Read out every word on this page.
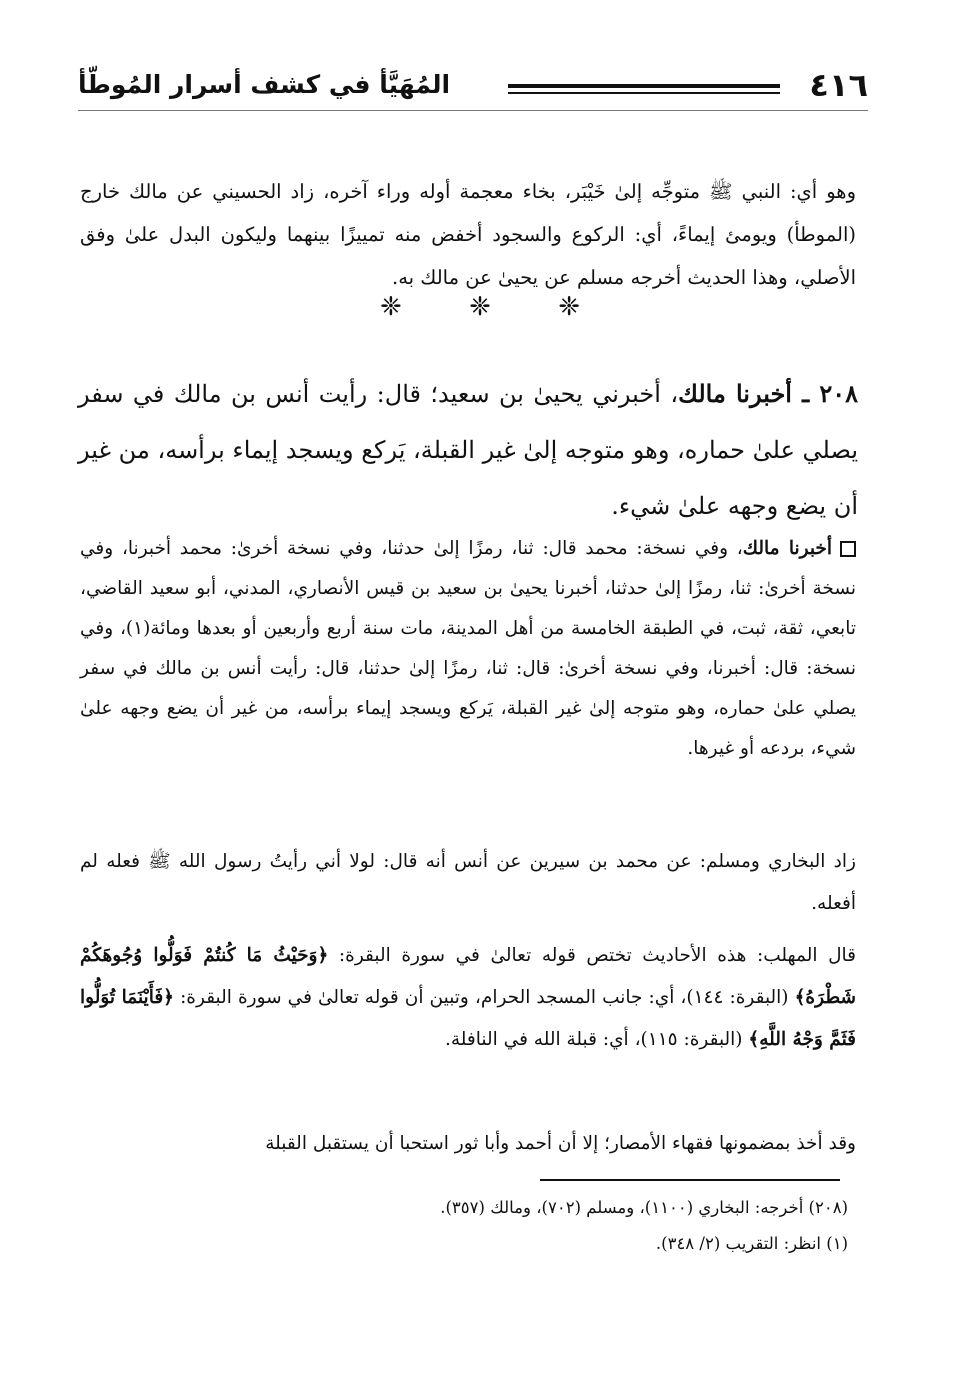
٤١٦
المُهَيَّأ في كشف أسرار المُوطّأ

وهو أي: النبي ﷺ متوجِّه إلىٰ خَيْبَر، بخاء معجمة أوله وراء آخره، زاد الحسيني عن مالك خارج (الموطأ) ويومئ إيماءً، أي: الركوع والسجود أخفض منه تمييزًا بينهما وليكون البدل علىٰ وفق الأصلي، وهذا الحديث أخرجه مسلم عن يحيىٰ عن مالك به.

❈
❈
❈

٢٠٨ ـ أخبرنا مالك، أخبرني يحيىٰ بن سعيد؛ قال: رأيت أنس بن مالك في سفر يصلي علىٰ حماره، وهو متوجه إلىٰ غير القبلة، يَركع ويسجد إيماء برأسه، من غير أن يضع وجهه علىٰ شيء.

أخبرنا مالك، وفي نسخة: محمد قال: ثنا، رمزًا إلىٰ حدثنا، وفي نسخة أخرىٰ: محمد أخبرنا، وفي نسخة أخرىٰ: ثنا، رمزًا إلىٰ حدثنا، أخبرنا يحيىٰ بن سعيد بن قيس الأنصاري، المدني، أبو سعيد القاضي، تابعي، ثقة، ثبت، في الطبقة الخامسة من أهل المدينة، مات سنة أربع وأربعين أو بعدها ومائة(١)، وفي نسخة: قال: أخبرنا، وفي نسخة أخرىٰ: قال: ثنا، رمزًا إلىٰ حدثنا، قال: رأيت أنس بن مالك في سفر يصلي علىٰ حماره، وهو متوجه إلىٰ غير القبلة، يَركع ويسجد إيماء برأسه، من غير أن يضع وجهه علىٰ شيء، بردعه أو غيرها.

زاد البخاري ومسلم: عن محمد بن سيرين عن أنس أنه قال: لولا أني رأيتُ رسول الله ﷺ فعله لم أفعله.

قال المهلب: هذه الأحاديث تختص قوله تعالىٰ في سورة البقرة: ﴿وَحَيْثُ مَا كُنتُمْ فَوَلُّوا وُجُوهَكُمْ شَطْرَهُ﴾ (البقرة: ١٤٤)، أي: جانب المسجد الحرام، وتبين أن قوله تعالىٰ في سورة البقرة: ﴿فَأَيْنَمَا تُوَلُّوا فَثَمَّ وَجْهُ اللَّهِ﴾ (البقرة: ١١٥)، أي: قبلة الله في النافلة.

وقد أخذ بمضمونها فقهاء الأمصار؛ إلا أن أحمد وأبا ثور استحبا أن يستقبل القبلة

(٢٠٨) أخرجه: البخاري (١١٠٠)، ومسلم (٧٠٢)، ومالك (٣٥٧).
(١) انظر: التقريب (٢/ ٣٤٨).
